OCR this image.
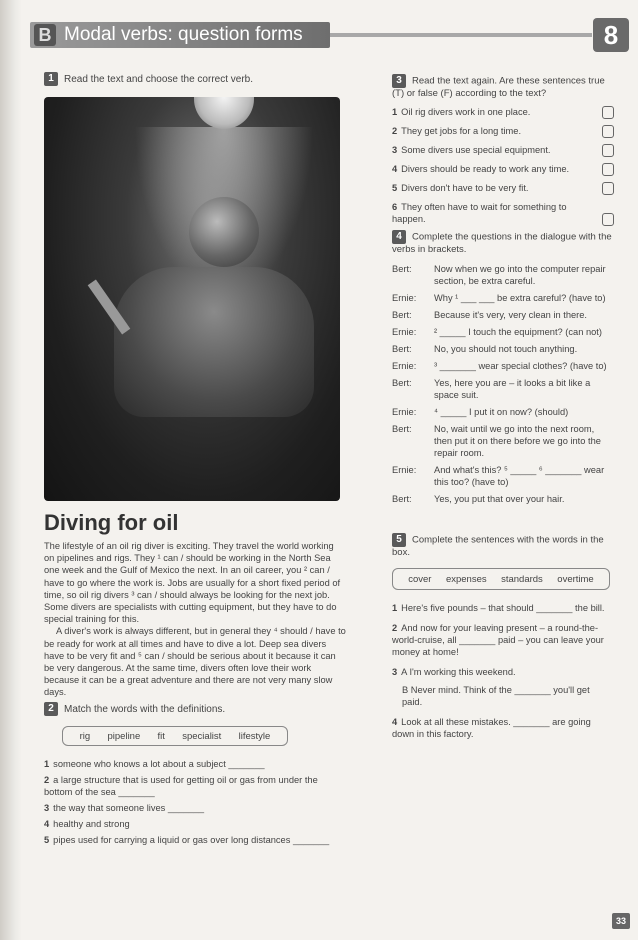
B Modal verbs: question forms	8
1 Read the text and choose the correct verb.
Diving for oil

The lifestyle of an oil rig diver is exciting. They travel the world working on pipelines and rigs. They ¹ can / should be working in the North Sea one week and the Gulf of Mexico the next. In an oil career, you ² can / have to go where the work is. Jobs are usually for a short fixed period of time, so oil rig divers ³ can / should always be looking for the next job. Some divers are specialists with cutting equipment, but they have to do special training for this.

A diver's work is always different, but in general they ⁴ should / have to be ready for work at all times and have to dive a lot. Deep sea divers have to be very fit and ⁵ can / should be serious about it because it can be very dangerous. At the same time, divers often love their work because it can be a great adventure and there are not very many slow days.

2 Match the words with the definitions.
rig pipeline fit specialist lifestyle
1 someone who knows a lot about a subject _______
2 a large structure that is used for getting oil or gas from under the bottom of the sea _______
3 the way that someone lives _______
4 healthy and strong
5 pipes used for carrying a liquid or gas over long distances _______
3 Read the text again. Are these sentences true (T) or false (F) according to the text?
1 Oil rig divers work in one place.
2 They get jobs for a long time.
3 Some divers use special equipment.
4 Divers should be ready to work any time.
5 Divers don't have to be very fit.
6 They often have to wait for something to happen.
4 Complete the questions in the dialogue with the verbs in brackets.
Bert:	Now when we go into the computer repair section, be extra careful.
Ernie:	Why ¹ ___ ___ be extra careful? (have to)
Bert:	Because it's very, very clean in there.
Ernie:	² _____ I touch the equipment? (can not)
Bert:	No, you should not touch anything.
Ernie:	³ _______ wear special clothes? (have to)
Bert:	Yes, here you are – it looks a bit like a space suit.
Ernie:	⁴ _____ I put it on now? (should)
Bert:	No, wait until we go into the next room, then put it on there before we go into the repair room.
Ernie:	And what's this? ⁵ _____ ⁶ _______ wear this too? (have to)
Bert:	Yes, you put that over your hair.
5 Complete the sentences with the words in the box.
cover expenses standards overtime
1 Here's five pounds – that should _______ the bill.
2 And now for your leaving present – a round-the-world-cruise, all _______ paid – you can leave your money at home!
3 A I'm working this weekend.
B Never mind. Think of the _______ you'll get paid.
4 Look at all these mistakes. _______ are going down in this factory.
33
